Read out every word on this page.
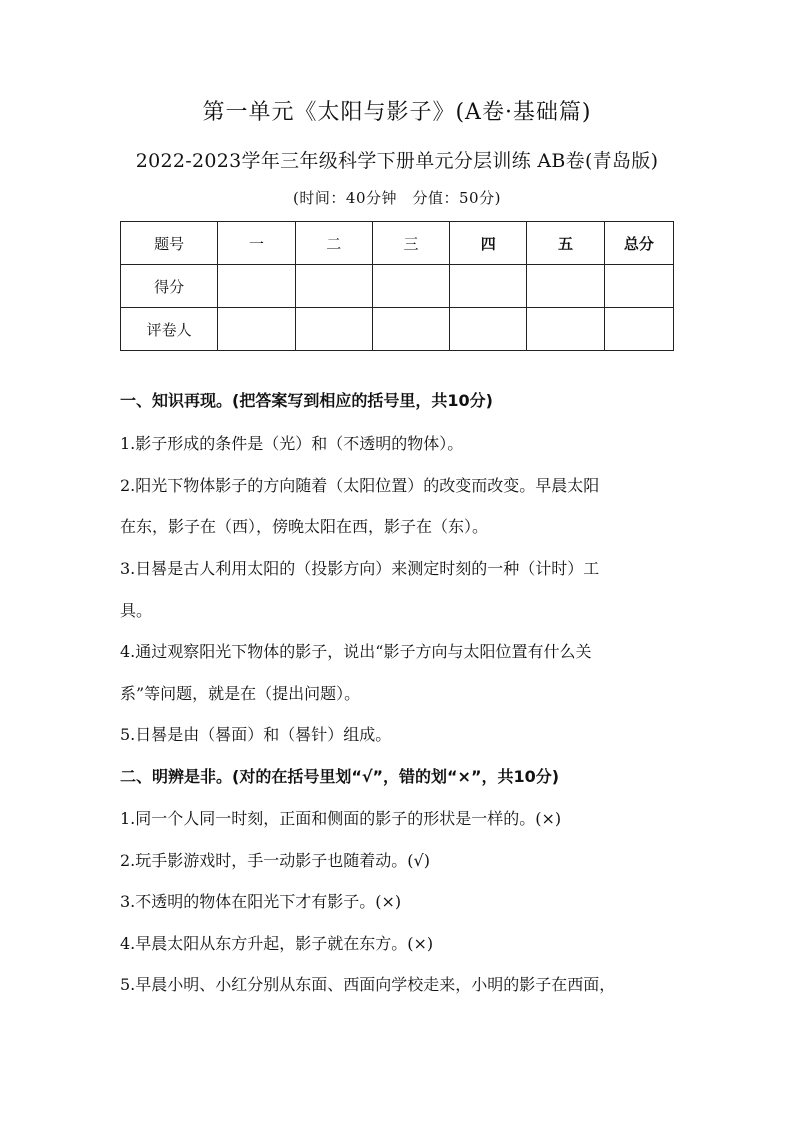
第一单元《太阳与影子》(A卷·基础篇)
2022-2023学年三年级科学下册单元分层训练 AB卷(青岛版)
(时间：40分钟　分值：50分)
题号	一	二	三	四	五	总分
得分						
评卷人						
一、知识再现。(把答案写到相应的括号里，共10分)
1.影子形成的条件是（光）和（不透明的物体）。
2.阳光下物体影子的方向随着（太阳位置）的改变而改变。早晨太阳
在东，影子在（西），傍晚太阳在西，影子在（东）。
3.日晷是古人利用太阳的（投影方向）来测定时刻的一种（计时）工
具。
4.通过观察阳光下物体的影子，说出“影子方向与太阳位置有什么关
系”等问题，就是在（提出问题）。
5.日晷是由（晷面）和（晷针）组成。
二、明辨是非。(对的在括号里划“√”，错的划“×”，共10分)
1.同一个人同一时刻，正面和侧面的影子的形状是一样的。(×)
2.玩手影游戏时，手一动影子也随着动。(√)
3.不透明的物体在阳光下才有影子。(×)
4.早晨太阳从东方升起，影子就在东方。(×)
5.早晨小明、小红分别从东面、西面向学校走来，小明的影子在西面，
